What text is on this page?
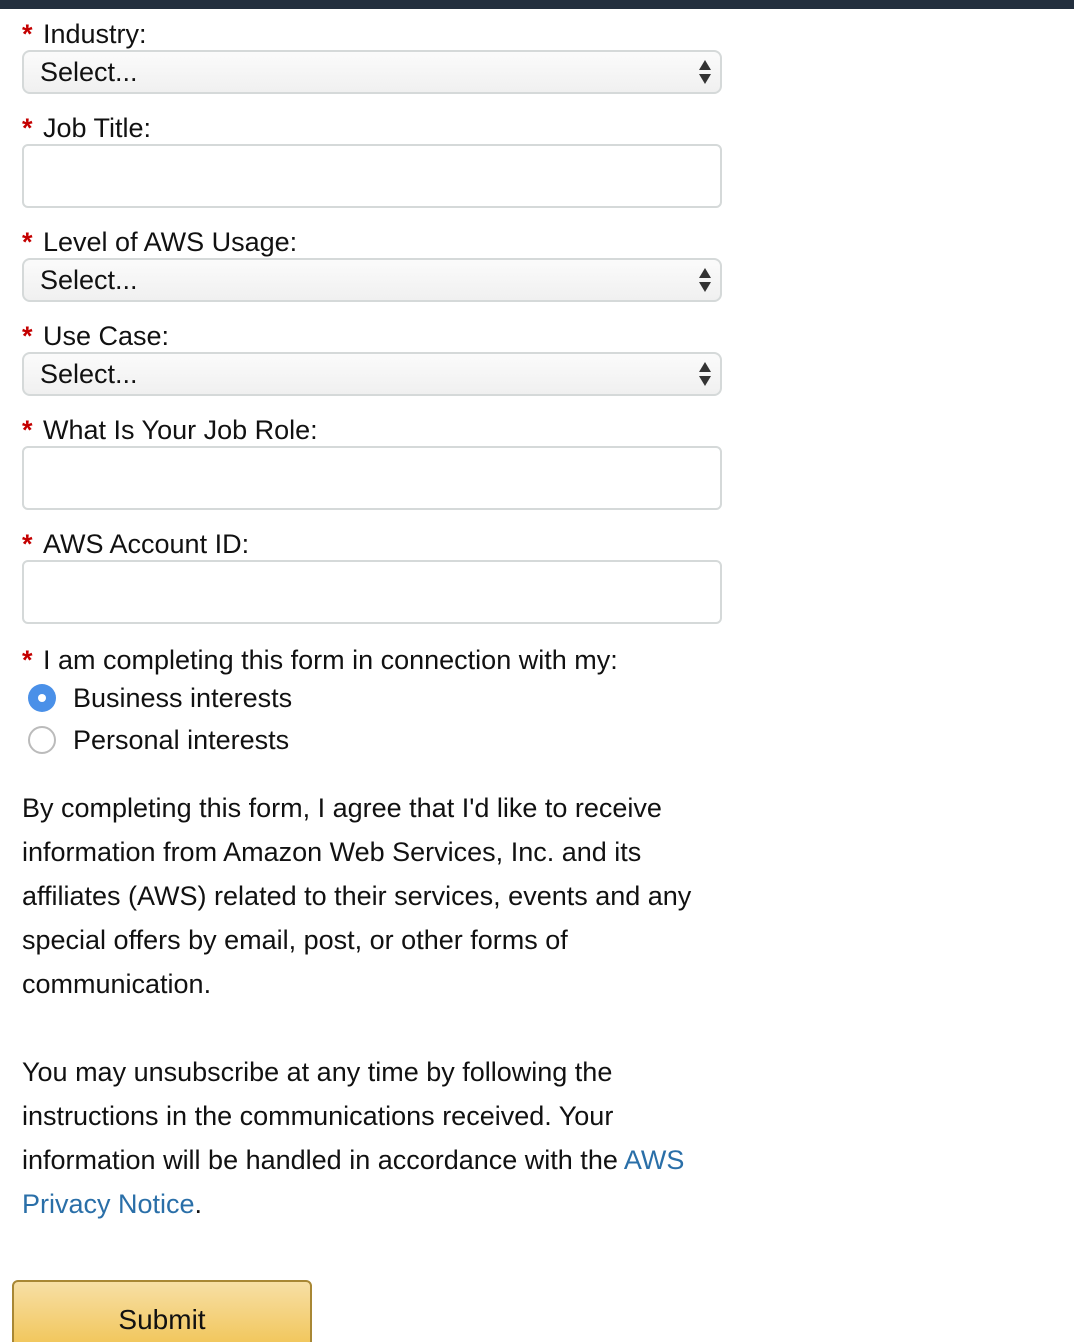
* Industry:
Select...
* Job Title:
* Level of AWS Usage:
Select...
* Use Case:
Select...
* What Is Your Job Role:
* AWS Account ID:
* I am completing this form in connection with my:
Business interests
Personal interests

By completing this form, I agree that I'd like to receive information from Amazon Web Services, Inc. and its affiliates (AWS) related to their services, events and any special offers by email, post, or other forms of communication.

You may unsubscribe at any time by following the instructions in the communications received. Your information will be handled in accordance with the AWS Privacy Notice.

Submit
